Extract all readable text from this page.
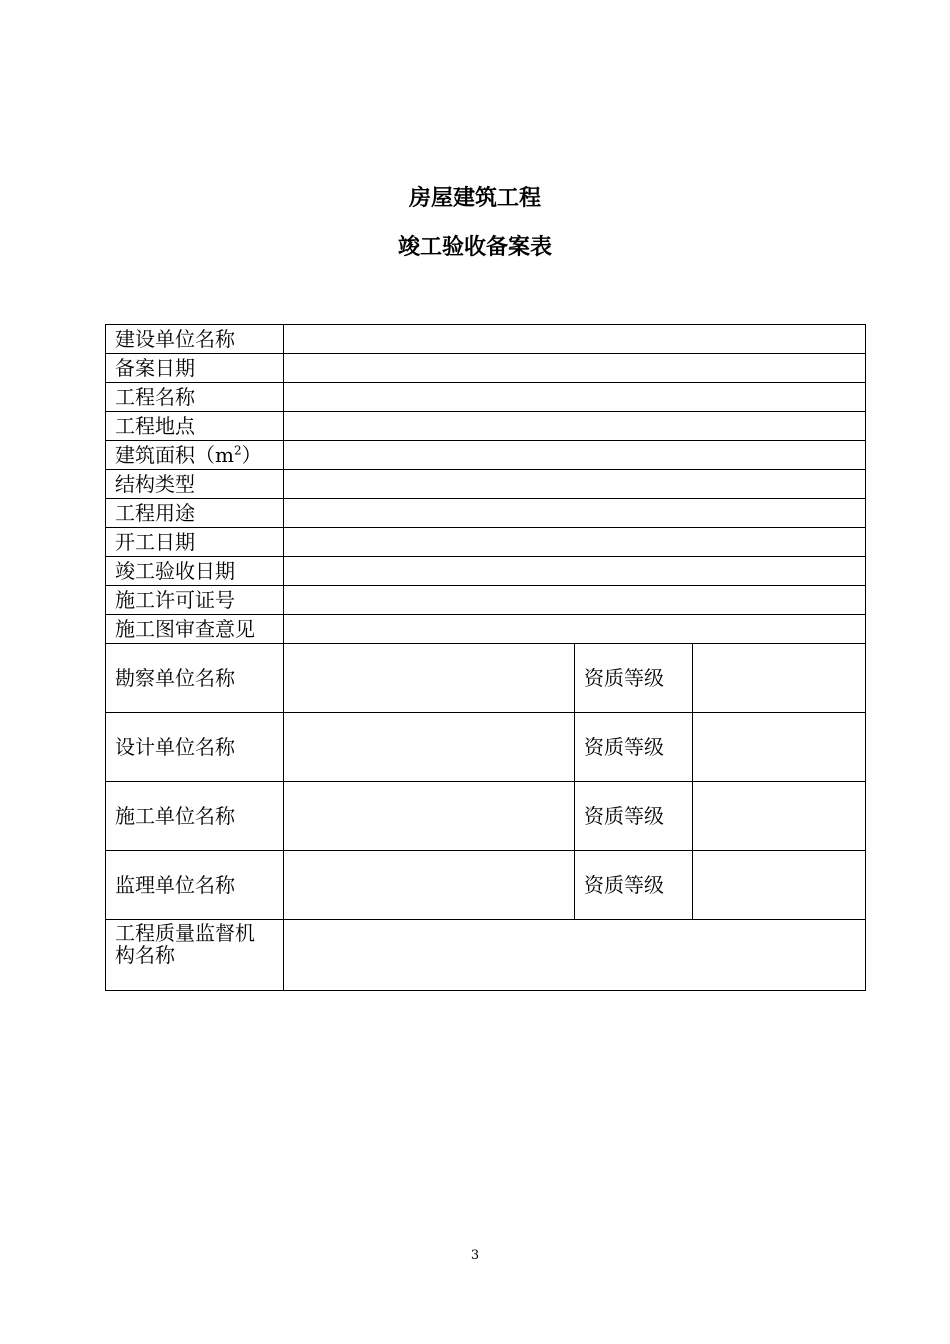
房屋建筑工程
竣工验收备案表
建设单位名称			
备案日期			
工程名称			
工程地点			
建筑面积$(m^2)$			
结构类型			
工程用途			
开工日期			
竣工验收日期			
施工许可证号			
施工图审查意见			
勘察单位名称		资质等级	
设计单位名称		资质等级	
施工单位名称		资质等级	
监理单位名称		资质等级	
工程质量监督机构名称			
3
